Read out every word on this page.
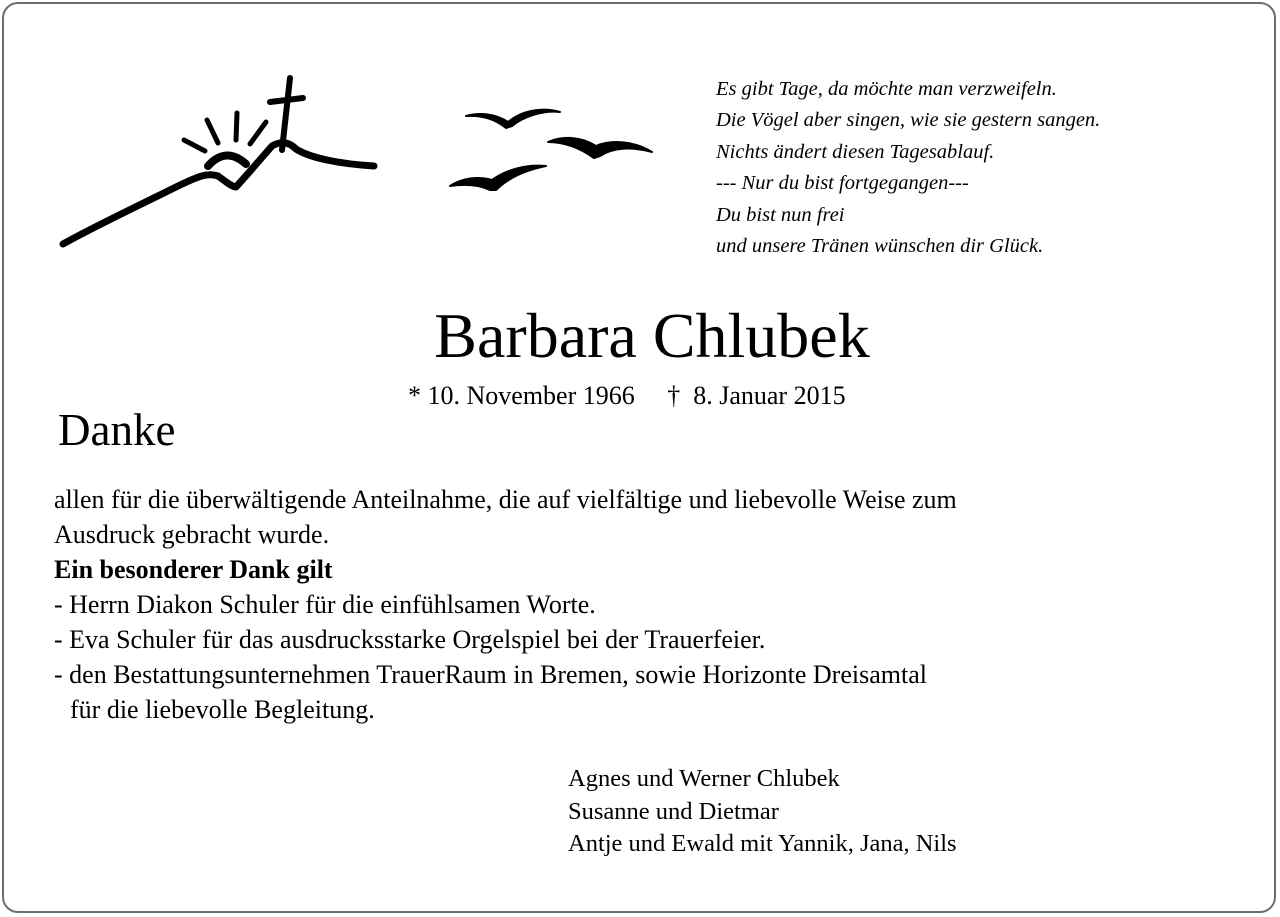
Es gibt Tage, da möchte man verzweifeln.
Die Vögel aber singen, wie sie gestern sangen.
Nichts ändert diesen Tagesablauf.
--- Nur du bist fortgegangen---
Du bist nun frei
und unsere Tränen wünschen dir Glück.
Barbara Chlubek
* 10. November 1966     †  8. Januar 2015
Danke
allen für die überwältigende Anteilnahme, die auf vielfältige und liebevolle Weise zum
Ausdruck gebracht wurde.
Ein besonderer Dank gilt
- Herrn Diakon Schuler für die einfühlsamen Worte.
- Eva Schuler für das ausdrucksstarke Orgelspiel bei der Trauerfeier.
- den Bestattungsunternehmen TrauerRaum in Bremen, sowie Horizonte Dreisamtal
für die liebevolle Begleitung.
Agnes und Werner Chlubek
Susanne und Dietmar
Antje und Ewald mit Yannik, Jana, Nils
